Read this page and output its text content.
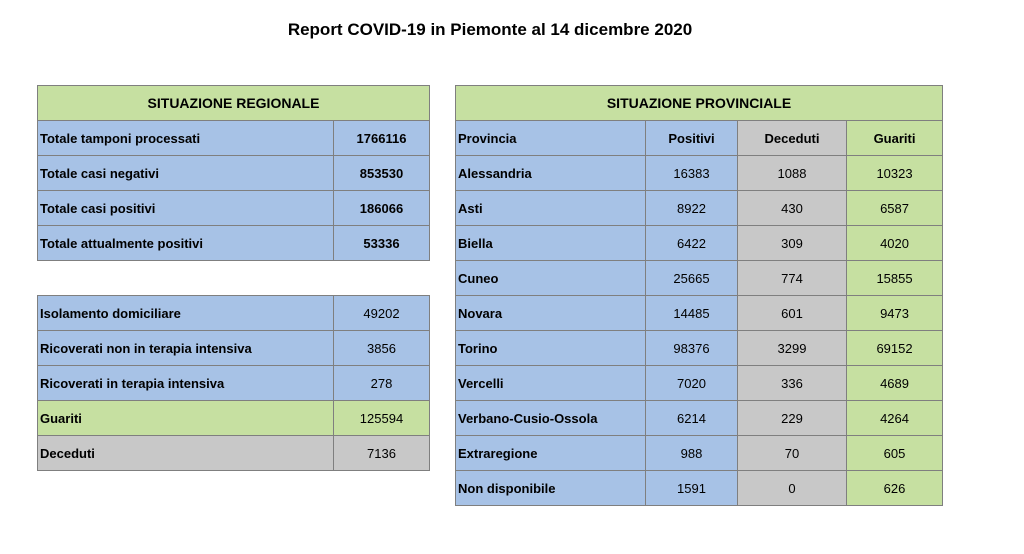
Report COVID-19 in Piemonte al 14 dicembre 2020
SITUAZIONE REGIONALE	
Totale tamponi processati	1766116
Totale casi negativi	853530
Totale casi positivi	186066
Totale attualmente positivi	53336
Isolamento domiciliare	49202
Ricoverati non in terapia intensiva	3856
Ricoverati in terapia intensiva	278
Guariti	125594
Deceduti	7136
SITUAZIONE PROVINCIALE			
Provincia	Positivi	Deceduti	Guariti
Alessandria	16383	1088	10323
Asti	8922	430	6587
Biella	6422	309	4020
Cuneo	25665	774	15855
Novara	14485	601	9473
Torino	98376	3299	69152
Vercelli	7020	336	4689
Verbano-Cusio-Ossola	6214	229	4264
Extraregione	988	70	605
Non disponibile	1591	0	626
